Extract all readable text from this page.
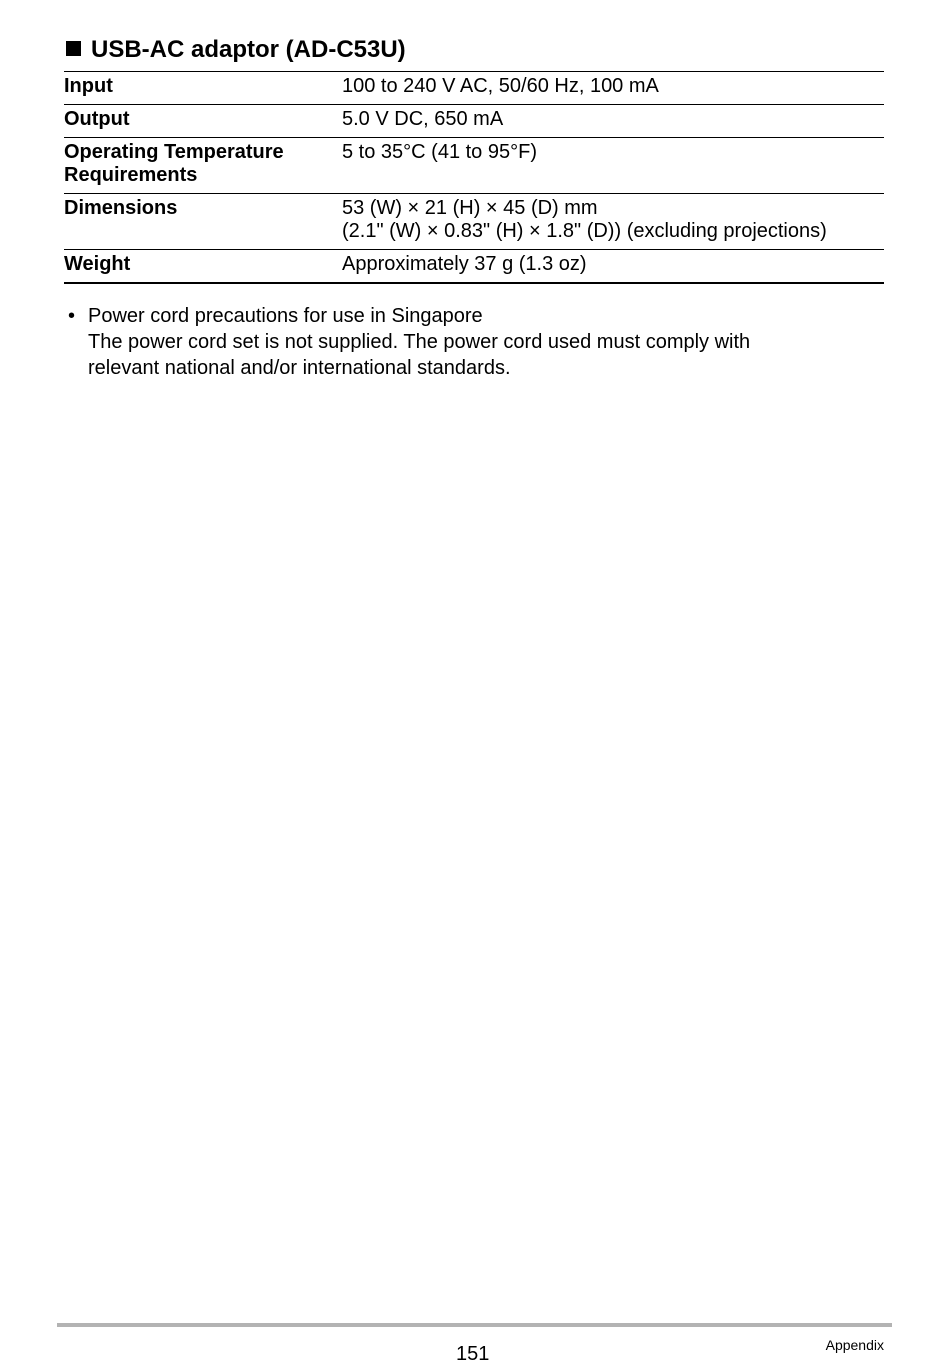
USB-AC adaptor (AD-C53U)
Input	100 to 240 V AC, 50/60 Hz, 100 mA
Output	5.0 V DC, 650 mA

Operating Temperature
Requirements	5 to 35°C (41 to 95°F)
Dimensions	53 (W) × 21 (H) × 45 (D) mm
(2.1" (W) × 0.83" (H) × 1.8" (D)) (excluding projections)

Weight	Approximately 37 g (1.3 oz)
• Power cord precautions for use in Singapore
The power cord set is not supplied. The power cord used must comply with
relevant national and/or international standards.
151	Appendix
